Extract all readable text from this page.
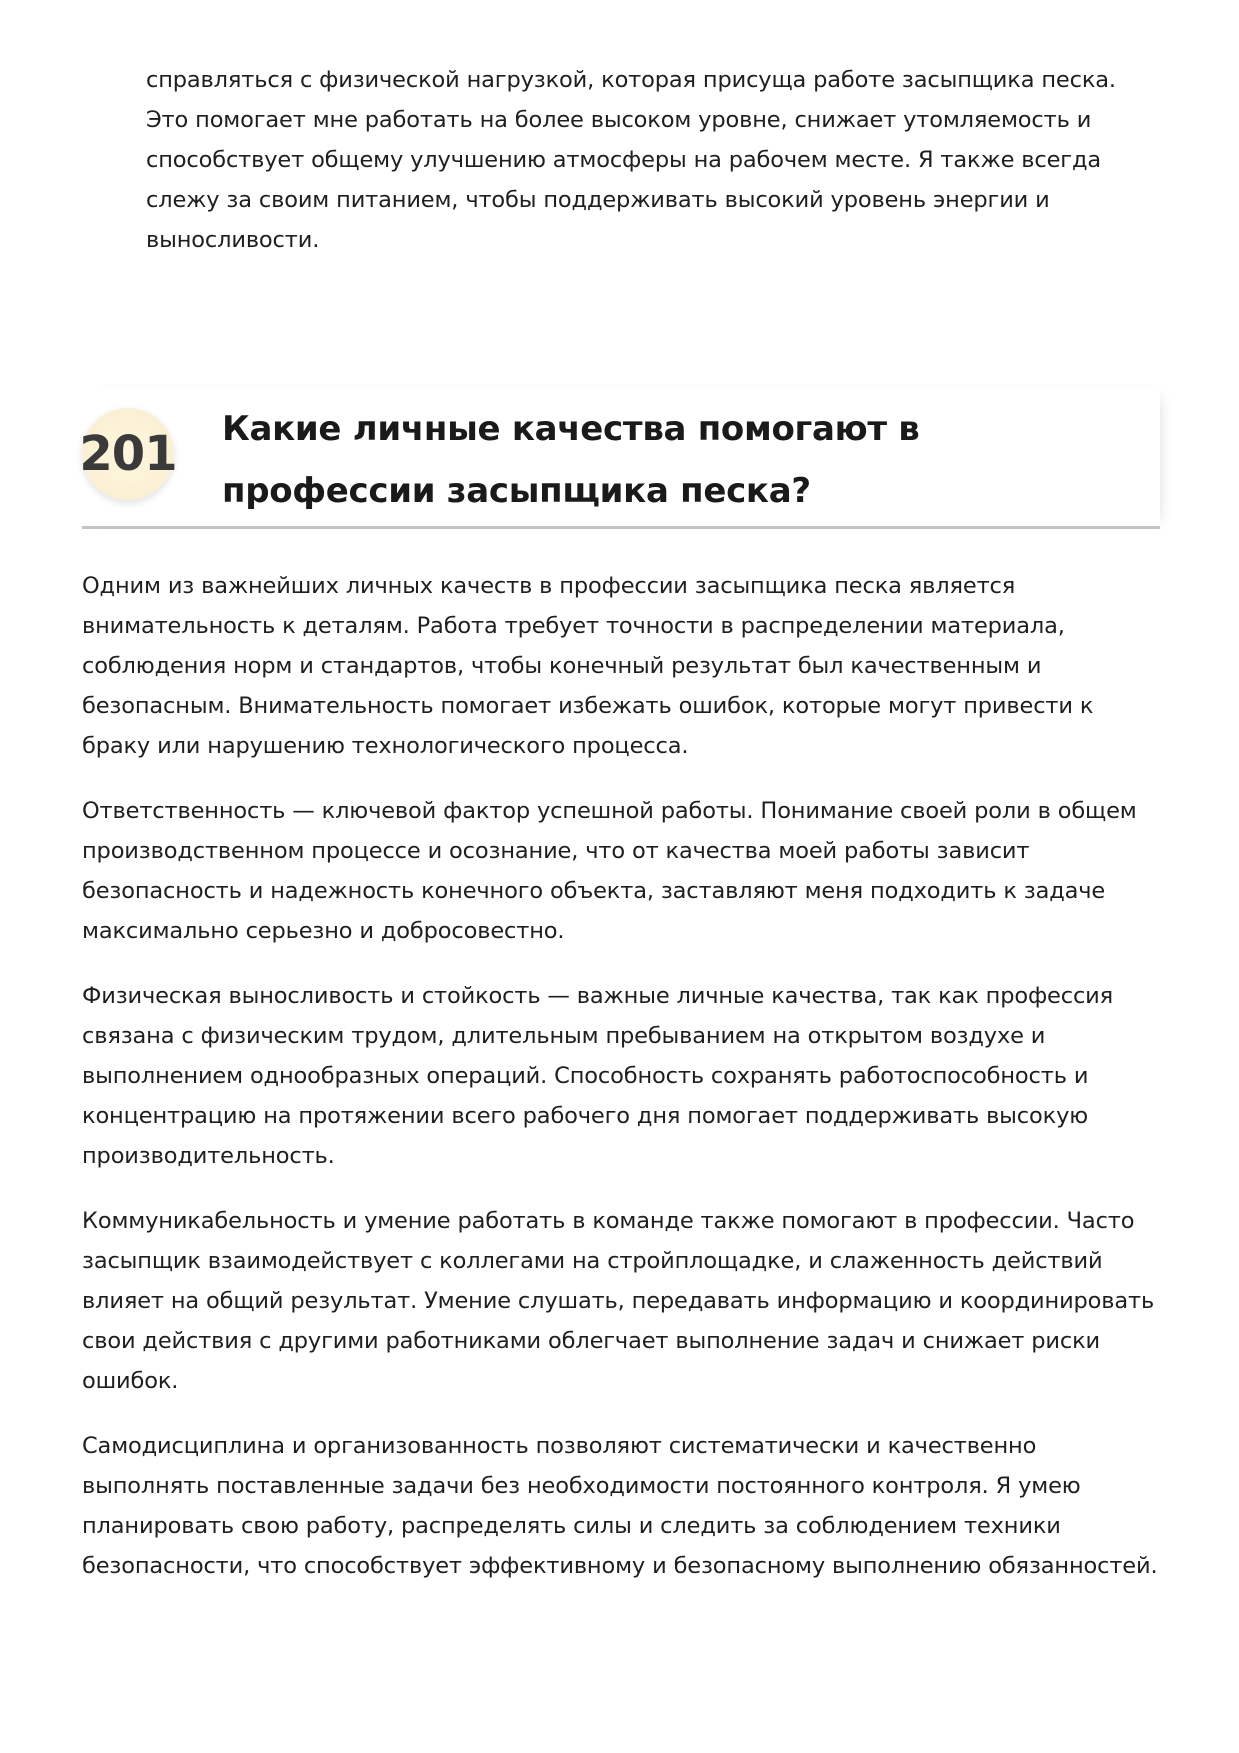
справляться с физической нагрузкой, которая присуща работе засыпщика песка. Это помогает мне работать на более высоком уровне, снижает утомляемость и способствует общему улучшению атмосферы на рабочем месте. Я также всегда слежу за своим питанием, чтобы поддерживать высокий уровень энергии и выносливости.

201 Какие личные качества помогают в профессии засыпщика песка?

Одним из важнейших личных качеств в профессии засыпщика песка является внимательность к деталям. Работа требует точности в распределении материала, соблюдения норм и стандартов, чтобы конечный результат был качественным и безопасным. Внимательность помогает избежать ошибок, которые могут привести к браку или нарушению технологического процесса.

Ответственность — ключевой фактор успешной работы. Понимание своей роли в общем производственном процессе и осознание, что от качества моей работы зависит безопасность и надежность конечного объекта, заставляют меня подходить к задаче максимально серьезно и добросовестно.

Физическая выносливость и стойкость — важные личные качества, так как профессия связана с физическим трудом, длительным пребыванием на открытом воздухе и выполнением однообразных операций. Способность сохранять работоспособность и концентрацию на протяжении всего рабочего дня помогает поддерживать высокую производительность.

Коммуникабельность и умение работать в команде также помогают в профессии. Часто засыпщик взаимодействует с коллегами на стройплощадке, и слаженность действий влияет на общий результат. Умение слушать, передавать информацию и координировать свои действия с другими работниками облегчает выполнение задач и снижает риски ошибок.

Самодисциплина и организованность позволяют систематически и качественно выполнять поставленные задачи без необходимости постоянного контроля. Я умею планировать свою работу, распределять силы и следить за соблюдением техники безопасности, что способствует эффективному и безопасному выполнению обязанностей.
